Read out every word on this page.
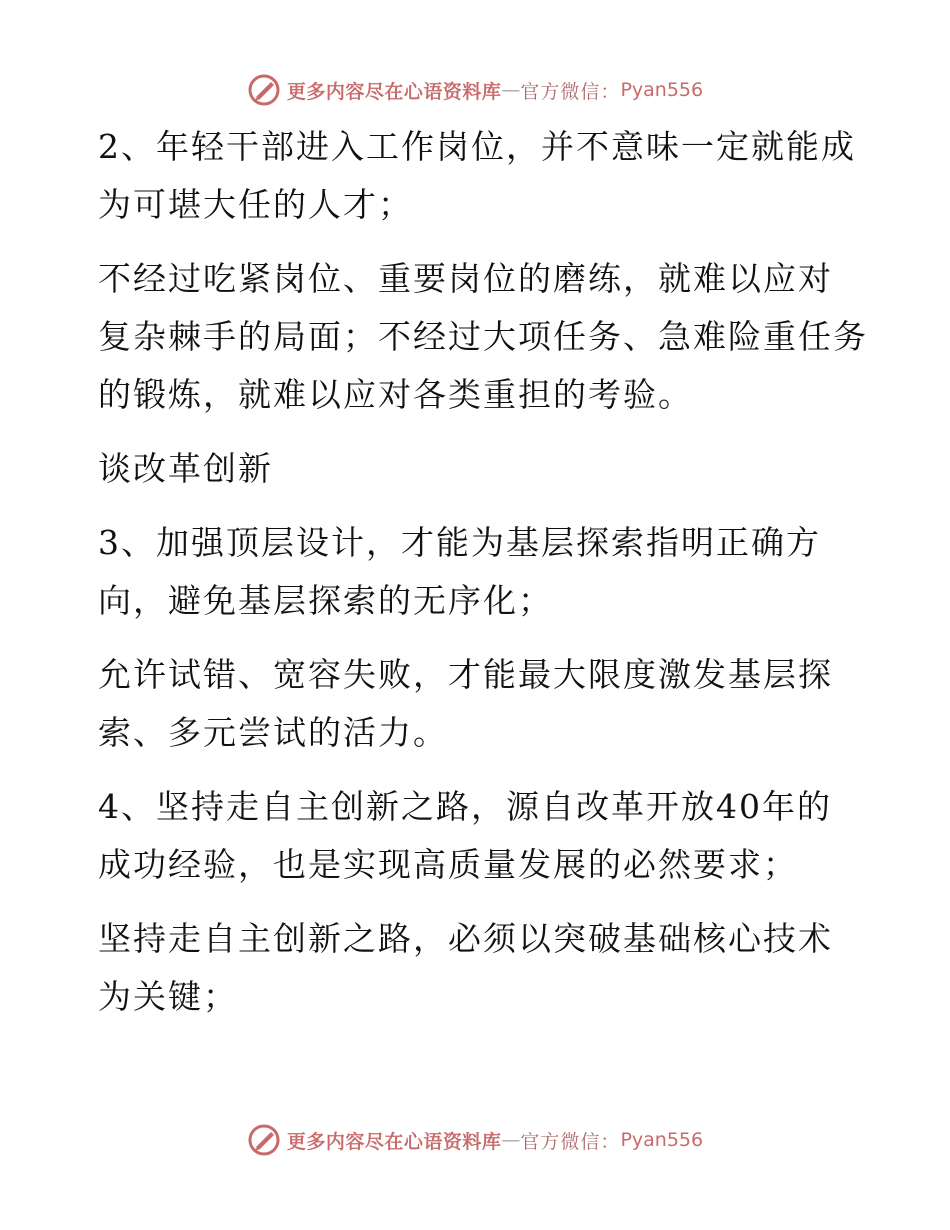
更多内容尽在心语资料库 — 官方微信： Pyan556
2、年轻干部进入工作岗位，并不意味一定就能成
为可堪大任的人才；
不经过吃紧岗位、重要岗位的磨练，就难以应对
复杂棘手的局面；不经过大项任务、急难险重任务
的锻炼，就难以应对各类重担的考验。
谈改革创新
3、加强顶层设计，才能为基层探索指明正确方
向，避免基层探索的无序化；
允许试错、宽容失败，才能最大限度激发基层探
索、多元尝试的活力。
4、坚持走自主创新之路，源自改革开放40年的
成功经验，也是实现高质量发展的必然要求；
坚持走自主创新之路，必须以突破基础核心技术
为关键；
更多内容尽在心语资料库 — 官方微信： Pyan556
